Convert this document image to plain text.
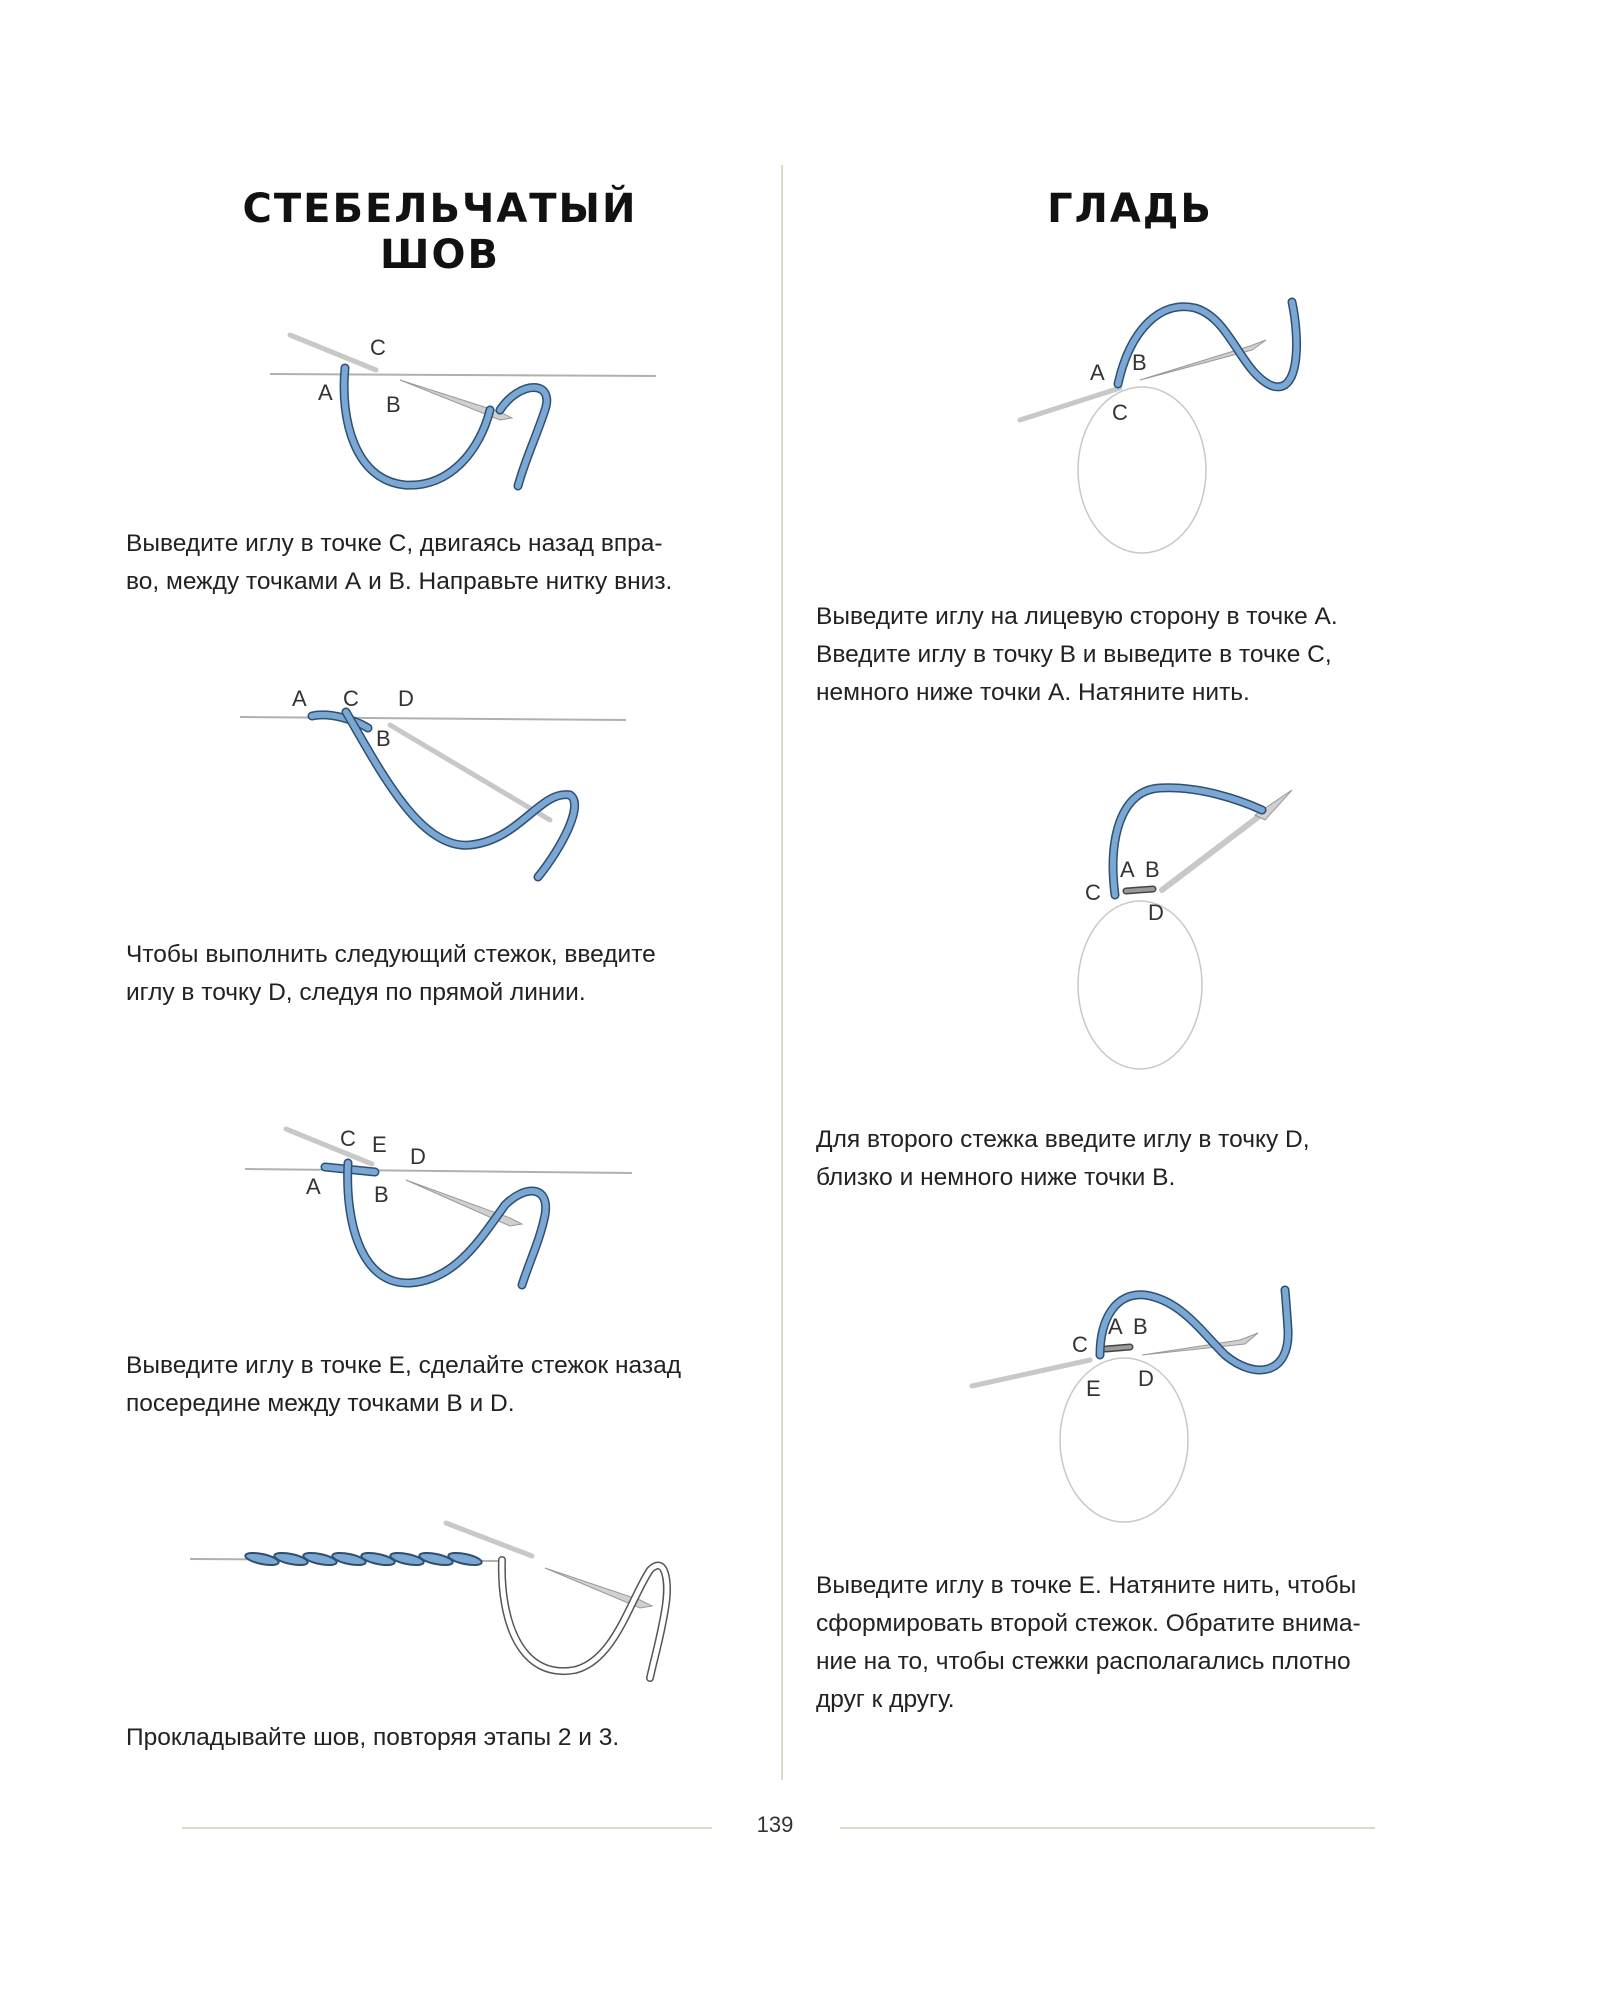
СТЕБЕЛЬЧАТЫЙ ШОВ
ГЛАДЬ
C
A B
Выведите иглу в точке С, двигаясь назад впра-
во, между точками А и В. Направьте нитку вниз.
A C D
B
Чтобы выполнить следующий стежок, введите
иглу в точку D, следуя по прямой линии.
C E D
A B
Выведите иглу в точке Е, сделайте стежок назад
посередине между точками В и D.
Прокладывайте шов, повторяя этапы 2 и 3.
A B
C
Выведите иглу на лицевую сторону в точке А.
Введите иглу в точку В и выведите в точке С,
немного ниже точки А. Натяните нить.
A B
C
D
Для второго стежка введите иглу в точку D,
близко и немного ниже точки В.
A B
C
D
E
Выведите иглу в точке Е. Натяните нить, чтобы
сформировать второй стежок. Обратите внима-
ние на то, чтобы стежки располагались плотно
друг к другу.
139
